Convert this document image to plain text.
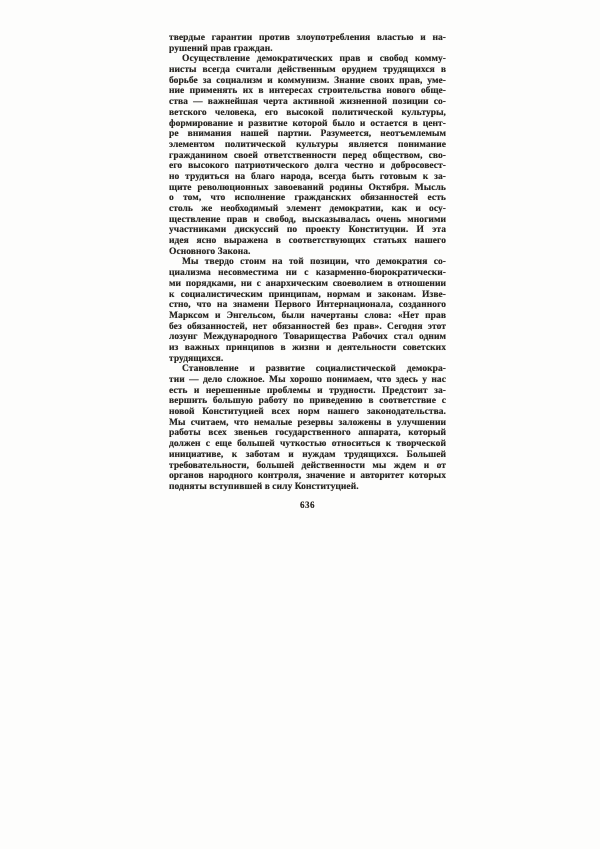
твердые гарантии против злоупотребления властью и на-
рушений прав граждан.
Осуществление демократических прав и свобод комму-
нисты всегда считали действенным орудием трудящихся в
борьбе за социализм и коммунизм. Знание своих прав, уме-
ние применять их в интересах строительства нового обще-
ства — важнейшая черта активной жизненной позиции со-
ветского человека, его высокой политической культуры,
формирование и развитие которой было и остается в цент-
ре внимания нашей партии. Разумеется, неотъемлемым
элементом политической культуры является понимание
гражданином своей ответственности перед обществом, сво-
его высокого патриотического долга честно и добросовест-
но трудиться на благо народа, всегда быть готовым к за-
щите революционных завоеваний родины Октября. Мысль
о том, что исполнение гражданских обязанностей есть
столь же необходимый элемент демократии, как и осу-
ществление прав и свобод, высказывалась очень многими
участниками дискуссий по проекту Конституции. И эта
идея ясно выражена в соответствующих статьях нашего
Основного Закона.
Мы твердо стоим на той позиции, что демократия со-
циализма несовместима ни с казарменно-бюрократически-
ми порядками, ни с анархическим своеволием в отношении
к социалистическим принципам, нормам и законам. Изве-
стно, что на знамени Первого Интернационала, созданного
Марксом и Энгельсом, были начертаны слова: «Нет прав
без обязанностей, нет обязанностей без прав». Сегодня этот
лозунг Международного Товарищества Рабочих стал одним
из важных принципов в жизни и деятельности советских
трудящихся.
Становление и развитие социалистической демокра-
тии — дело сложное. Мы хорошо понимаем, что здесь у нас
есть и нерешенные проблемы и трудности. Предстоит за-
вершить большую работу по приведению в соответствие с
новой Конституцией всех норм нашего законодательства.
Мы считаем, что немалые резервы заложены в улучшении
работы всех звеньев государственного аппарата, который
должен с еще большей чуткостью относиться к творческой
инициативе, к заботам и нуждам трудящихся. Большей
требовательности, большей действенности мы ждем и от
органов народного контроля, значение и авторитет которых
подняты вступившей в силу Конституцией.
636
